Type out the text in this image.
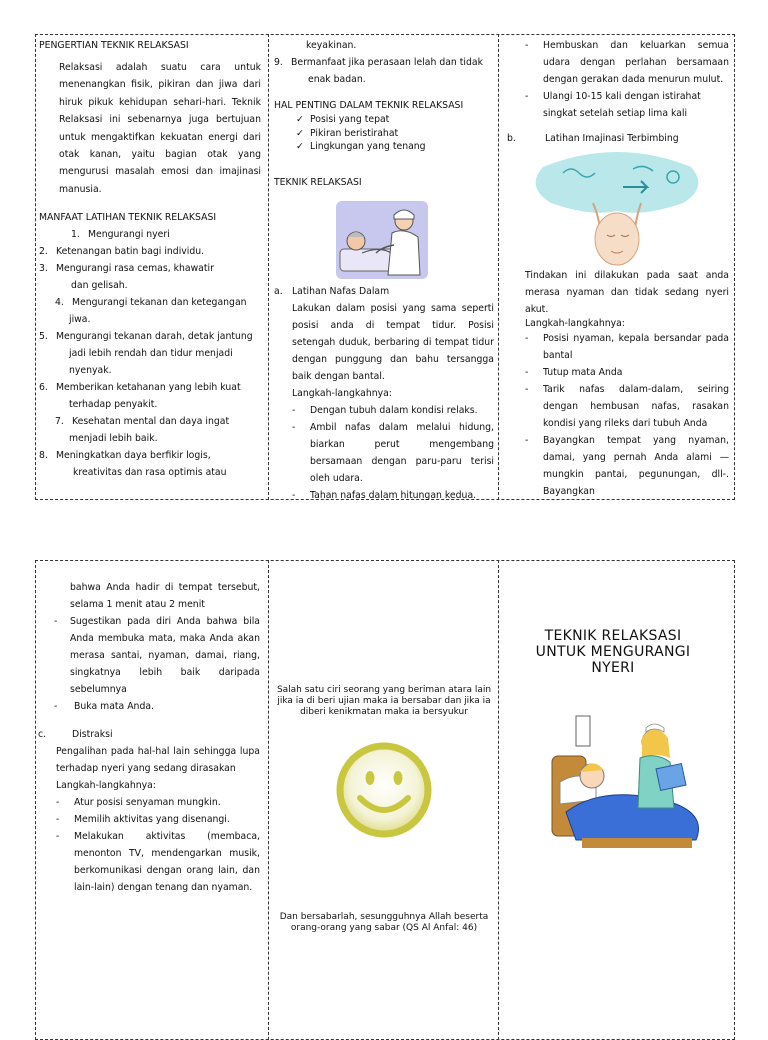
PENGERTIAN TEKNIK RELAKSASI

Relaksasi adalah suatu cara untuk menenangkan fisik, pikiran dan jiwa dari hiruk pikuk kehidupan sehari-hari. Teknik Relaksasi ini sebenarnya juga bertujuan untuk mengaktifkan kekuatan energi dari otak kanan, yaitu bagian otak yang mengurusi masalah emosi dan imajinasi manusia.

MANFAAT LATIHAN TEKNIK RELAKSASI

1. Mengurangi nyeri
2. Ketenangan batin bagi individu.
3. Mengurangi rasa cemas, khawatir
dan gelisah.
4. Mengurangi tekanan dan ketegangan
jiwa.
5. Mengurangi tekanan darah, detak jantung
jadi lebih rendah dan tidur menjadi
nyenyak.
6. Memberikan ketahanan yang lebih kuat
terhadap penyakit.
7. Kesehatan mental dan daya ingat
menjadi lebih baik.
8. Meningkatkan daya berfikir logis,
kreativitas dan rasa optimis atau

keyakinan.

9. Bermanfaat jika perasaan lelah dan tidak

enak badan.

HAL PENTING DALAM TEKNIK RELAKSASI

✓ Posisi yang tepat
✓ Pikiran beristirahat
✓ Lingkungan yang tenang

TEKNIK RELAKSASI

a. Latihan Nafas Dalam

Lakukan dalam posisi yang sama seperti posisi anda di tempat tidur. Posisi setengah duduk, berbaring di tempat tidur dengan punggung dan bahu tersangga baik dengan bantal.

Langkah-langkahnya:

- Dengan tubuh dalam kondisi relaks.
- Ambil nafas dalam melalui hidung, biarkan perut mengembang bersamaan dengan paru-paru terisi oleh udara.
- Tahan nafas dalam hitungan kedua.
- Hembuskan dan keluarkan semua udara dengan perlahan bersamaan dengan gerakan dada menurun mulut.
- Ulangi 10-15 kali dengan istirahat singkat setelah setiap lima kali

b.	Latihan Imajinasi Terbimbing

Tindakan ini dilakukan pada saat anda merasa nyaman dan tidak sedang nyeri akut.

Langkah-langkahnya:

- Posisi nyaman, kepala bersandar pada bantal
- Tutup mata Anda
- Tarik nafas dalam-dalam, seiring dengan hembusan nafas, rasakan kondisi yang rileks dari tubuh Anda
- Bayangkan tempat yang nyaman, damai, yang pernah Anda alami —mungkin pantai, pegunungan, dll-. Bayangkan

bahwa Anda hadir di tempat tersebut, selama 1 menit atau 2 menit

- Sugestikan pada diri Anda bahwa bila Anda membuka mata, maka Anda akan merasa santai, nyaman, damai, riang, singkatnya lebih baik daripada sebelumnya
- Buka mata Anda.

c.	Distraksi

Pengalihan pada hal-hal lain sehingga lupa terhadap nyeri yang sedang dirasakan

Langkah-langkahnya:

- Atur posisi senyaman mungkin.
- Memilih aktivitas yang disenangi.
- Melakukan aktivitas (membaca, menonton TV, mendengarkan musik, berkomunikasi dengan orang lain, dan lain-lain) dengan tenang dan nyaman.

Salah satu ciri seorang yang beriman atara lain jika ia di beri ujian maka ia bersabar dan jika ia diberi kenikmatan maka ia bersyukur

Dan bersabarlah, sesungguhnya Allah beserta orang-orang yang sabar (QS Al Anfal: 46)

TEKNIK RELAKSASI UNTUK MENGURANGI NYERI
